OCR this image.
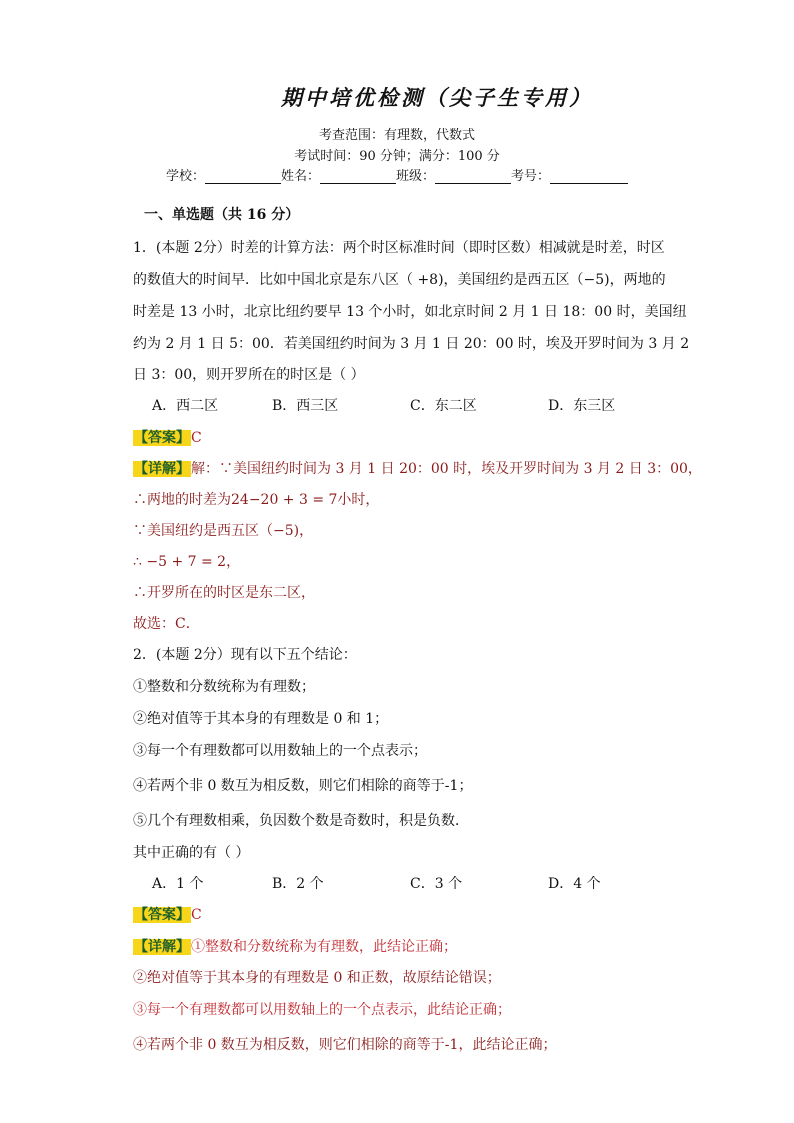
期中培优检测（尖子生专用）
考查范围：有理数，代数式
考试时间：90 分钟；满分：100 分
学校：	姓名：	班级：	考号：
一、单选题（共 16 分）
1．(本题 2分）时差的计算方法：两个时区标准时间（即时区数）相减就是时差，时区
的数值大的时间早．比如中国北京是东八区（ +8)，美国纽约是西五区（−5)，两地的
时差是 13 小时，北京比纽约要早 13 个小时，如北京时间 2 月 1 日 18：00 时，美国纽
约为 2 月 1 日 5：00．若美国纽约时间为 3 月 1 日 20：00 时，埃及开罗时间为 3 月 2
日 3：00，则开罗所在的时区是（ ）
A．西二区	B．西三区	C．东二区	D．东三区
【答案】C
【详解】解：∵美国纽约时间为 3 月 1 日 20：00 时，埃及开罗时间为 3 月 2 日 3：00，
∴两地的时差为24−20 + 3 = 7小时，
∵美国纽约是西五区（−5)，
∴ −5 + 7 = 2，
∴开罗所在的时区是东二区，
故选：C．
2．(本题 2分）现有以下五个结论：
①整数和分数统称为有理数；
②绝对值等于其本身的有理数是 0 和 1；
③每一个有理数都可以用数轴上的一个点表示；
④若两个非 0 数互为相反数，则它们相除的商等于-1；
⑤几个有理数相乘，负因数个数是奇数时，积是负数．
其中正确的有（ ）
A．1 个	B．2 个	C．3 个	D．4 个
【答案】C
【详解】①整数和分数统称为有理数，此结论正确；
②绝对值等于其本身的有理数是 0 和正数，故原结论错误；
③每一个有理数都可以用数轴上的一个点表示，此结论正确；
④若两个非 0 数互为相反数，则它们相除的商等于-1，此结论正确；
